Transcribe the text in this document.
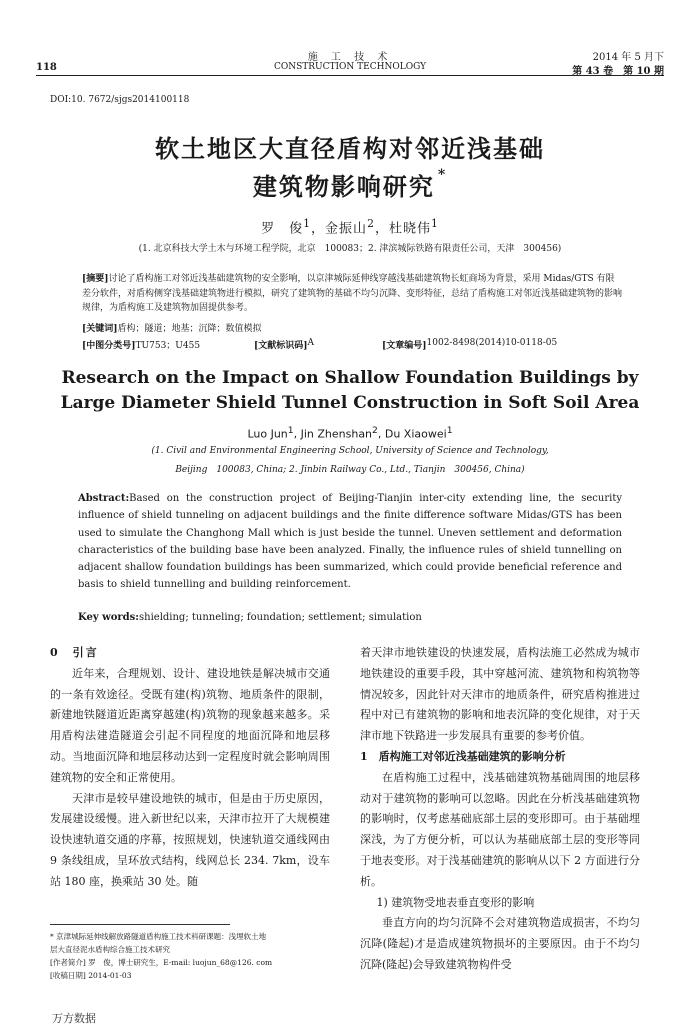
118
施 工 技 术
CONSTRUCTION TECHNOLOGY
2014 年 5 月下
第 43 卷　第 10 期
DOI:10. 7672/sjgs2014100118
软土地区大直径盾构对邻近浅基础
建筑物影响研究 *
罗　俊$^1$，金振山$^2$，杜晓伟$^1$
(1. 北京科技大学土木与环境工程学院，北京　100083；2. 津滨城际铁路有限责任公司，天津　300456)
[摘要]讨论了盾构施工对邻近浅基础建筑物的安全影响，以京津城际延伸线穿越浅基础建筑物长虹商场为背景，采用 Midas/GTS 有限差分软件，对盾构侧穿浅基础建筑物进行模拟，研究了建筑物的基础不均匀沉降、变形特征，总结了盾构施工对邻近浅基础建筑物的影响规律，为盾构施工及建筑物加固提供参考。
[关键词]盾构；隧道；地基；沉降；数值模拟
[中图分类号] TU753；U455	[文献标识码] A	[文章编号] 1002-8498(2014)10-0118-05
Research on the Impact on Shallow Foundation Buildings by
Large Diameter Shield Tunnel Construction in Soft Soil Area
Luo Jun$^1$, Jin Zhenshan$^2$, Du Xiaowei$^1$
(1. Civil and Environmental Engineering School, University of Science and Technology,
Beijing　100083, China; 2. Jinbin Railway Co., Ltd., Tianjin　300456, China)
Abstract:Based on the construction project of Beijing-Tianjin inter-city extending line, the security influence of shield tunneling on adjacent buildings and the finite difference software Midas/GTS has been used to simulate the Changhong Mall which is just beside the tunnel. Uneven settlement and deformation characteristics of the building base have been analyzed. Finally, the influence rules of shield tunnelling on adjacent shallow foundation buildings has been summarized, which could provide beneficial reference and basis to shield tunnelling and building reinforcement.
Key words:shielding; tunneling; foundation; settlement; simulation
0　引言

近年来，合理规划、设计、建设地铁是解决城市交通的一条有效途径。受既有建(构)筑物、地质条件的限制，新建地铁隧道近距离穿越建(构)筑物的现象越来越多。采用盾构法建造隧道会引起不同程度的地面沉降和地层移动。当地面沉降和地层移动达到一定程度时就会影响周围建筑物的安全和正常使用。

天津市是较早建设地铁的城市，但是由于历史原因，发展建设缓慢。进入新世纪以来，天津市拉开了大规模建设快速轨道交通的序幕，按照规划，快速轨道交通线网由 9 条线组成，呈环放式结构，线网总长 234. 7km，设车站 180 座，换乘站 30 处。随

着天津市地铁建设的快速发展，盾构法施工必然成为城市地铁建设的重要手段，其中穿越河流、建筑物和构筑物等情况较多，因此针对天津市的地质条件，研究盾构推进过程中对已有建筑物的影响和地表沉降的变化规律，对于天津市地下铁路进一步发展具有重要的参考价值。

1　盾构施工对邻近浅基础建筑的影响分析

在盾构施工过程中，浅基础建筑物基础周围的地层移动对于建筑物的影响可以忽略。因此在分析浅基础建筑物的影响时，仅考虑基础底部土层的变形即可。由于基础埋深浅，为了方便分析，可以认为基础底部土层的变形等同于地表变形。对于浅基础建筑的影响从以下 2 方面进行分析。

1) 建筑物受地表垂直变形的影响

垂直方向的均匀沉降不会对建筑物造成损害，不均匀沉降(隆起)才是造成建筑物损坏的主要原因。由于不均匀沉降(隆起)会导致建筑物构件受

* 京津城际延伸线解放路隧道盾构施工技术科研课题：浅埋软土地
层大直径泥水盾构综合施工技术研究
[作者简介] 罗　俊，博士研究生，E-mail: luojun_68@126. com
[收稿日期] 2014-01-03
万方数据
